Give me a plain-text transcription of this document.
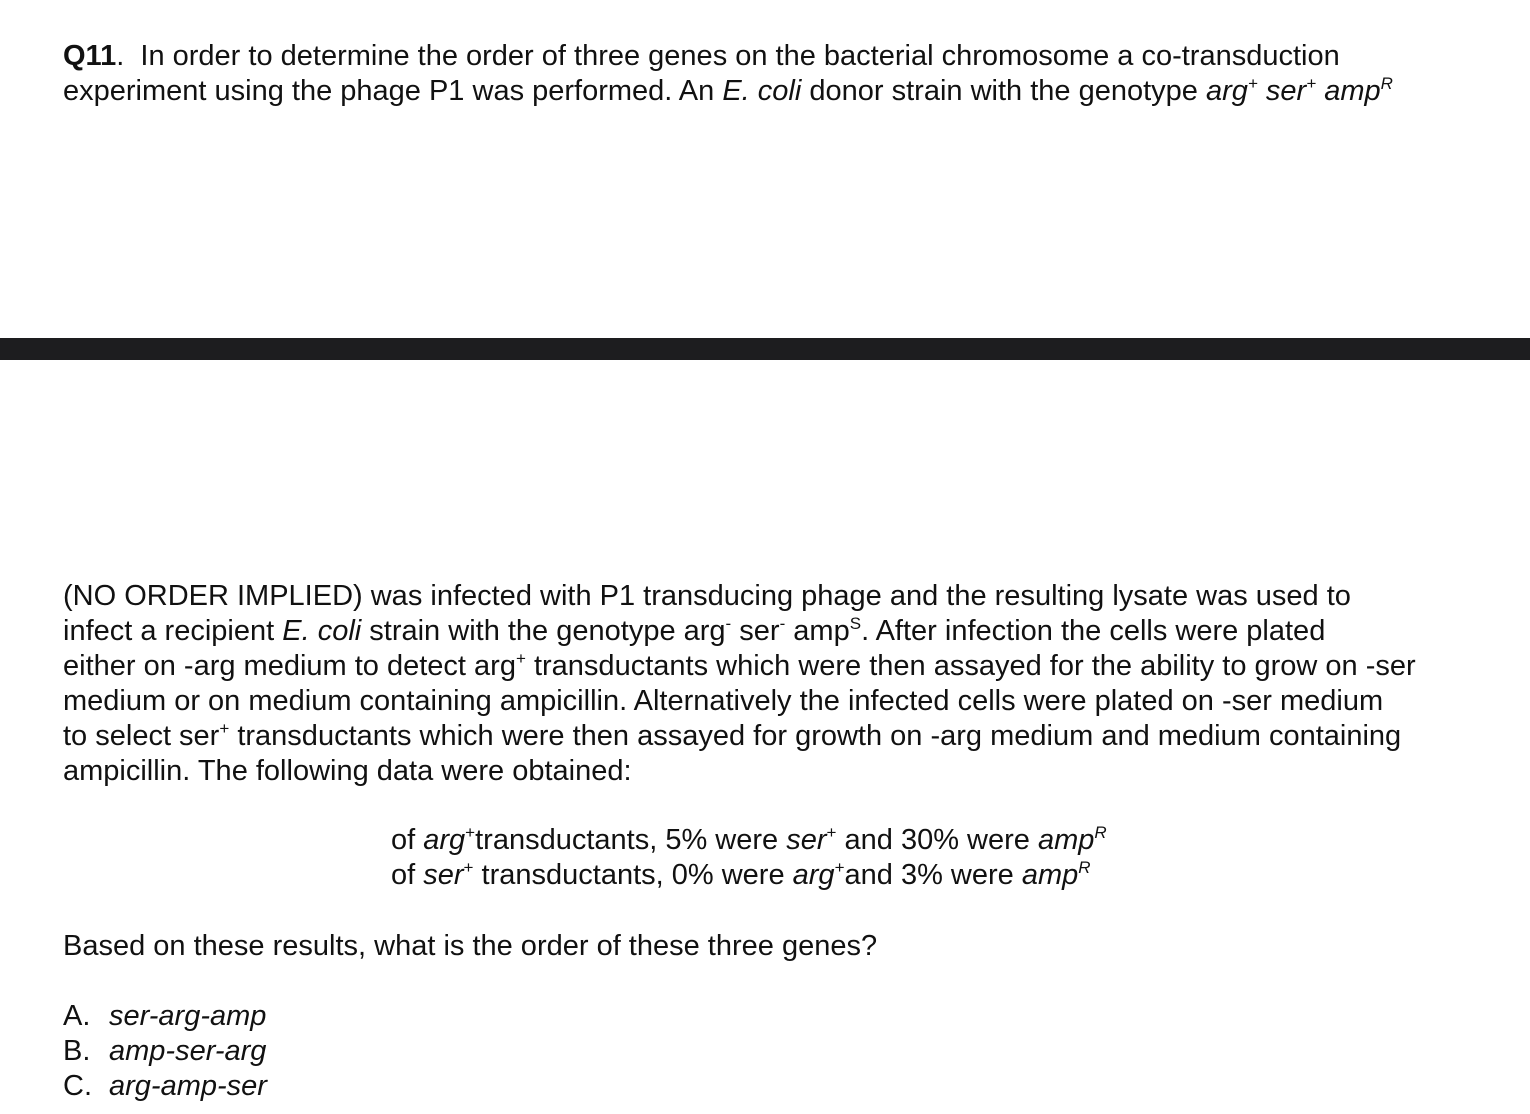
Q11.  In order to determine the order of three genes on the bacterial chromosome a co-transduction
experiment using the phage P1 was performed. An E. coli donor strain with the genotype arg+ ser+ amp$^R$
(NO ORDER IMPLIED) was infected with P1 transducing phage and the resulting lysate was used to
infect a recipient E. coli strain with the genotype arg- ser- amp$^S$. After infection the cells were plated
either on -arg medium to detect arg+ transductants which were then assayed for the ability to grow on -ser
medium or on medium containing ampicillin. Alternatively the infected cells were plated on -ser medium
to select ser+ transductants which were then assayed for growth on -arg medium and medium containing
ampicillin. The following data were obtained:
of arg+transductants, 5% were ser+ and 30% were amp$^R$
of ser+ transductants, 0% were arg+and 3% were amp$^R$
Based on these results, what is the order of these three genes?
A. ser-arg-amp
B. amp-ser-arg
C. arg-amp-ser
